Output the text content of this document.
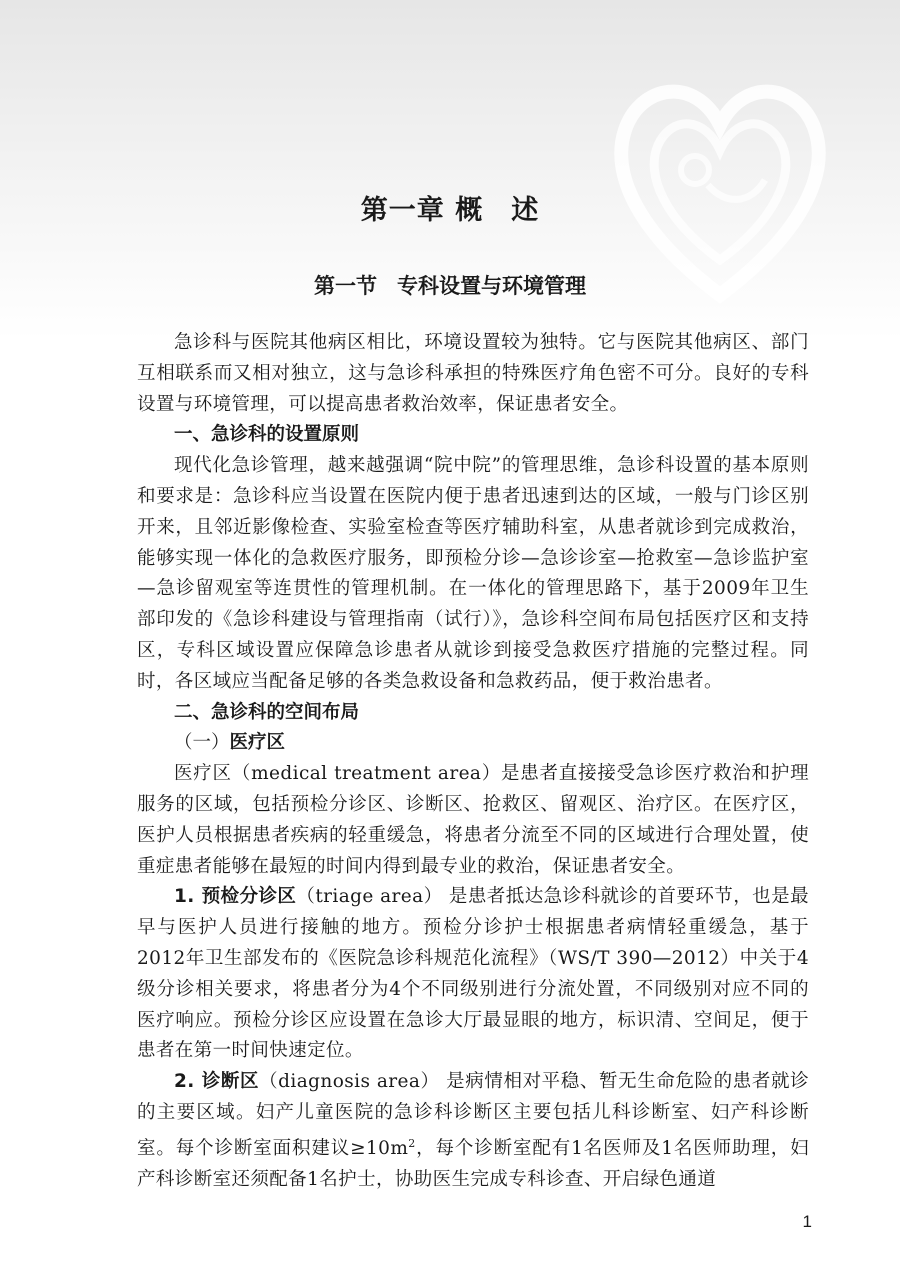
第一章 概 述
第一节 专科设置与环境管理

急诊科与医院其他病区相比，环境设置较为独特。它与医院其他病区、部门互相联系而又相对独立，这与急诊科承担的特殊医疗角色密不可分。良好的专科设置与环境管理，可以提高患者救治效率，保证患者安全。

一、急诊科的设置原则

现代化急诊管理，越来越强调“院中院”的管理思维，急诊科设置的基本原则和要求是：急诊科应当设置在医院内便于患者迅速到达的区域，一般与门诊区别开来，且邻近影像检查、实验室检查等医疗辅助科室，从患者就诊到完成救治，能够实现一体化的急救医疗服务，即预检分诊—急诊诊室—抢救室—急诊监护室—急诊留观室等连贯性的管理机制。在一体化的管理思路下，基于2009年卫生部印发的《急诊科建设与管理指南（试行）》，急诊科空间布局包括医疗区和支持区，专科区域设置应保障急诊患者从就诊到接受急救医疗措施的完整过程。同时，各区域应当配备足够的各类急救设备和急救药品，便于救治患者。

二、急诊科的空间布局

（一）医疗区

医疗区（medical treatment area）是患者直接接受急诊医疗救治和护理服务的区域，包括预检分诊区、诊断区、抢救区、留观区、治疗区。在医疗区，医护人员根据患者疾病的轻重缓急，将患者分流至不同的区域进行合理处置，使重症患者能够在最短的时间内得到最专业的救治，保证患者安全。

1. 预检分诊区（triage area） 是患者抵达急诊科就诊的首要环节，也是最早与医护人员进行接触的地方。预检分诊护士根据患者病情轻重缓急，基于2012年卫生部发布的《医院急诊科规范化流程》（WS/T 390—2012）中关于4级分诊相关要求，将患者分为4个不同级别进行分流处置，不同级别对应不同的医疗响应。预检分诊区应设置在急诊大厅最显眼的地方，标识清、空间足，便于患者在第一时间快速定位。

2. 诊断区（diagnosis area） 是病情相对平稳、暂无生命危险的患者就诊的主要区域。妇产儿童医院的急诊科诊断区主要包括儿科诊断室、妇产科诊断室。每个诊断室面积建议$\ge 10m^2$，每个诊断室配有1名医师及1名医师助理，妇产科诊断室还须配备1名护士，协助医生完成专科诊查、开启绿色通道

1
